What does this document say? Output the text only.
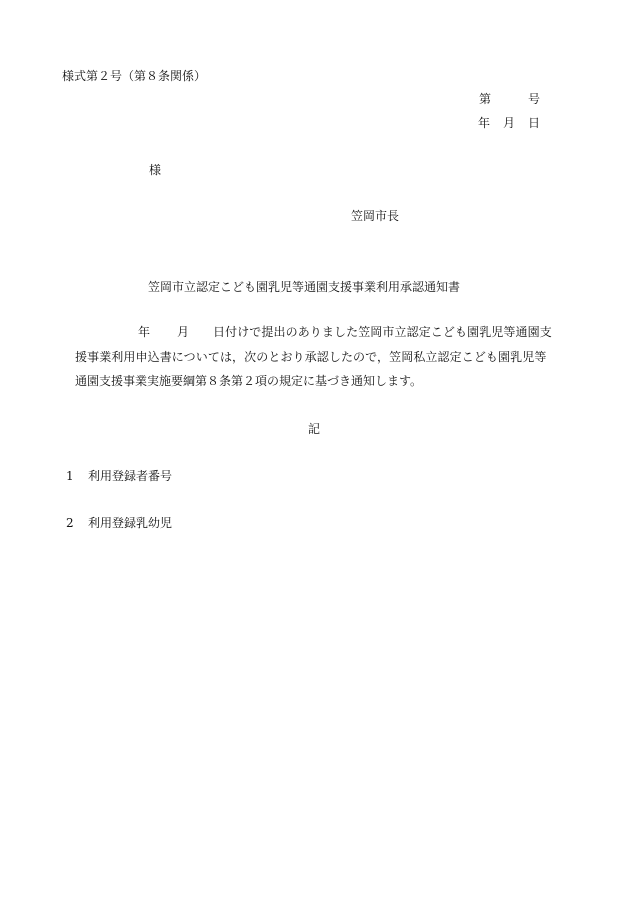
様式第２号（第８条関係）
第	号
年 月 日
様
笠岡市長
笠岡市立認定こども園乳児等通園支援事業利用承認通知書
年 月 日付けで提出のありました笠岡市立認定こども園乳児等通園支
援事業利用申込書については，次のとおり承認したので，笠岡私立認定こども園乳児等
通園支援事業実施要綱第８条第２項の規定に基づき通知します。
記
1 利用登録者番号
2 利用登録乳幼児
